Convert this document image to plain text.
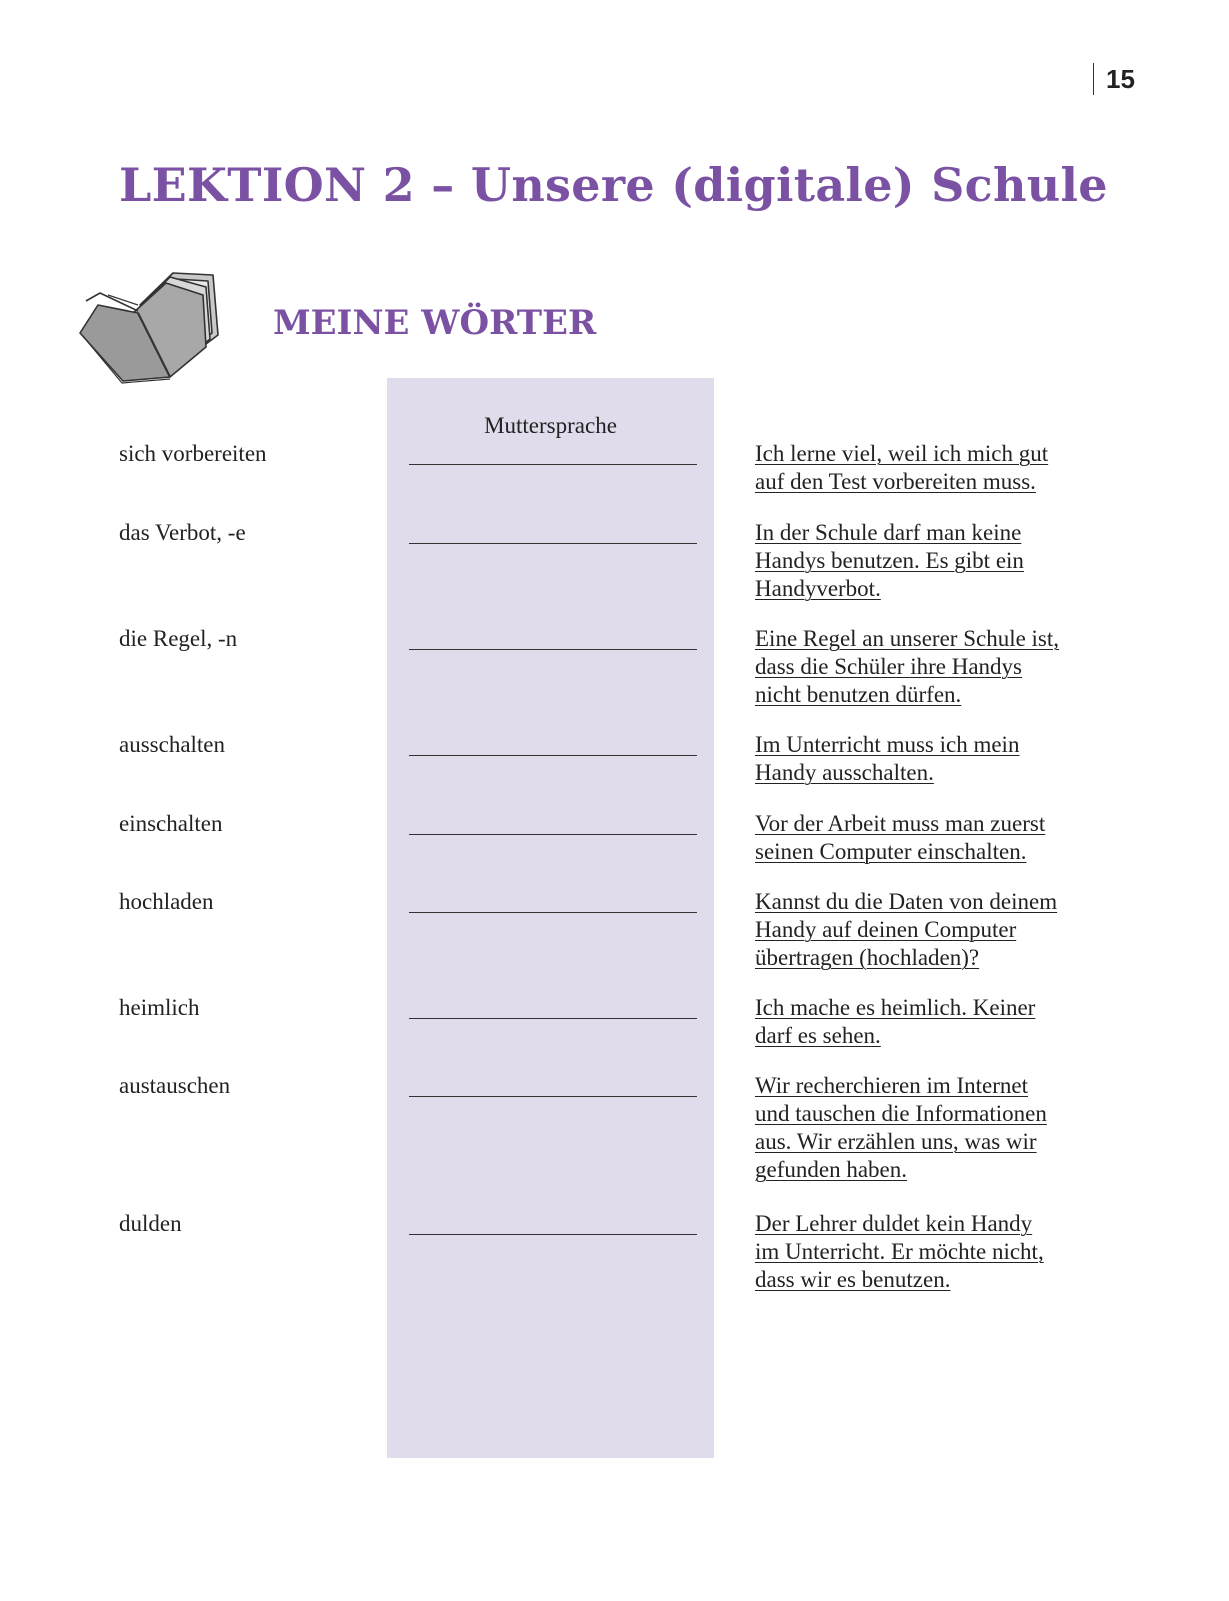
15
LEKTION 2 – Unsere (digitale) Schule
MEINE WÖRTER
Muttersprache
sich vorbereiten	Ich lerne viel, weil ich mich gut
auf den Test vorbereiten muss.
das Verbot, -e	In der Schule darf man keine
Handys benutzen. Es gibt ein
Handyverbot.
die Regel, -n	Eine Regel an unserer Schule ist,
dass die Schüler ihre Handys
nicht benutzen dürfen.
ausschalten	Im Unterricht muss ich mein
Handy ausschalten.
einschalten	Vor der Arbeit muss man zuerst
seinen Computer einschalten.
hochladen	Kannst du die Daten von deinem
Handy auf deinen Computer
übertragen (hochladen)?
heimlich	Ich mache es heimlich. Keiner
darf es sehen.
austauschen	Wir recherchieren im Internet
und tauschen die Informationen
aus. Wir erzählen uns, was wir
gefunden haben.
dulden	Der Lehrer duldet kein Handy
im Unterricht. Er möchte nicht,
dass wir es benutzen.
